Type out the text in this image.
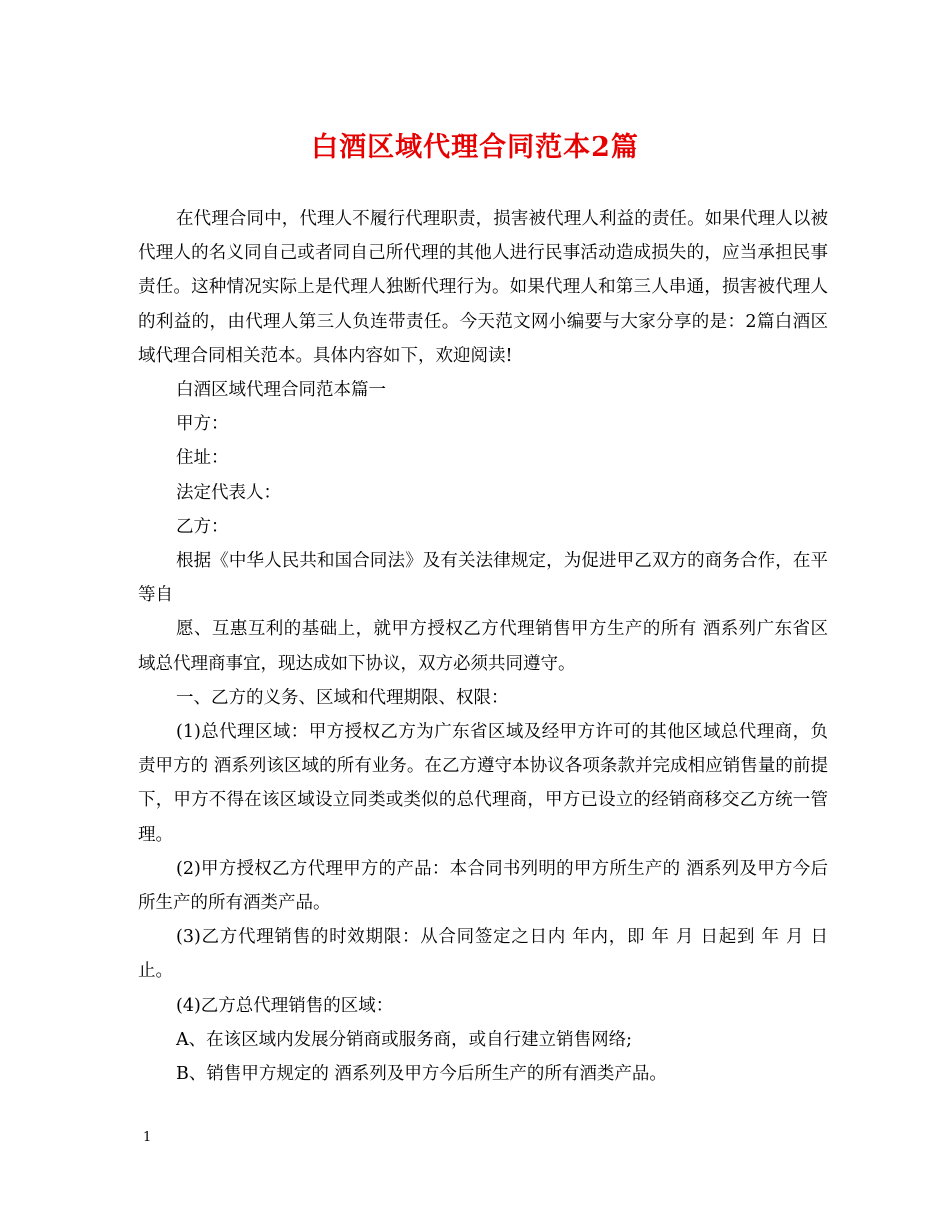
白酒区域代理合同范本2篇

在代理合同中，代理人不履行代理职责，损害被代理人利益的责任。如果代理人以被代理人的名义同自己或者同自己所代理的其他人进行民事活动造成损失的，应当承担民事责任。这种情况实际上是代理人独断代理行为。如果代理人和第三人串通，损害被代理人的利益的，由代理人第三人负连带责任。今天范文网小编要与大家分享的是：2篇白酒区域代理合同相关范本。具体内容如下，欢迎阅读!

白酒区域代理合同范本篇一

甲方：

住址：

法定代表人：

乙方：

根据《中华人民共和国合同法》及有关法律规定，为促进甲乙双方的商务合作，在平等自

愿、互惠互利的基础上，就甲方授权乙方代理销售甲方生产的所有 酒系列广东省区域总代理商事宜，现达成如下协议，双方必须共同遵守。

一、乙方的义务、区域和代理期限、权限：

(1)总代理区域：甲方授权乙方为广东省区域及经甲方许可的其他区域总代理商，负责甲方的 酒系列该区域的所有业务。在乙方遵守本协议各项条款并完成相应销售量的前提下，甲方不得在该区域设立同类或类似的总代理商，甲方已设立的经销商移交乙方统一管理。

(2)甲方授权乙方代理甲方的产品：本合同书列明的甲方所生产的 酒系列及甲方今后所生产的所有酒类产品。

(3)乙方代理销售的时效期限：从合同签定之日内 年内，即 年 月 日起到 年 月 日止。

(4)乙方总代理销售的区域：

A、在该区域内发展分销商或服务商，或自行建立销售网络;

B、销售甲方规定的 酒系列及甲方今后所生产的所有酒类产品。

1
